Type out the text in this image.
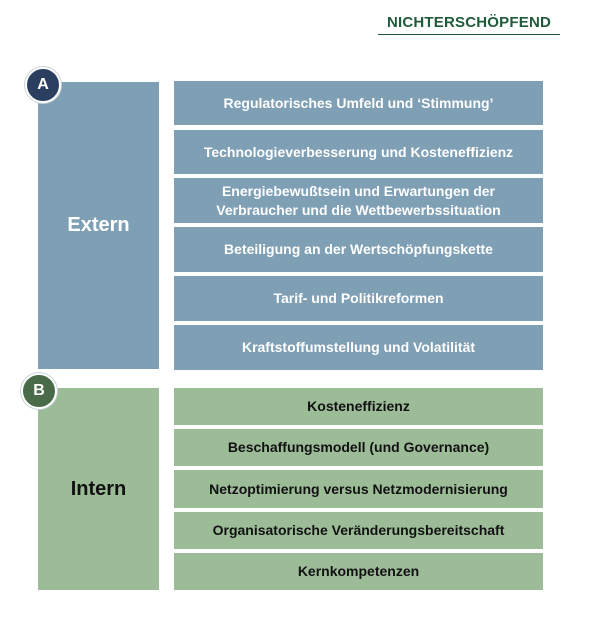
NICHTERSCHÖPFEND
Extern
A
Regulatorisches Umfeld und ‘Stimmung’
Technologieverbesserung und Kosteneffizienz
Energiebewußtsein und Erwartungen der Verbraucher und die Wettbewerbssituation
Beteiligung an der Wertschöpfungskette
Tarif- und Politikreformen
Kraftstoffumstellung und Volatilität
Intern
B
Kosteneffizienz
Beschaffungsmodell (und Governance)
Netzoptimierung versus Netzmodernisierung
Organisatorische Veränderungsbereitschaft
Kernkompetenzen
